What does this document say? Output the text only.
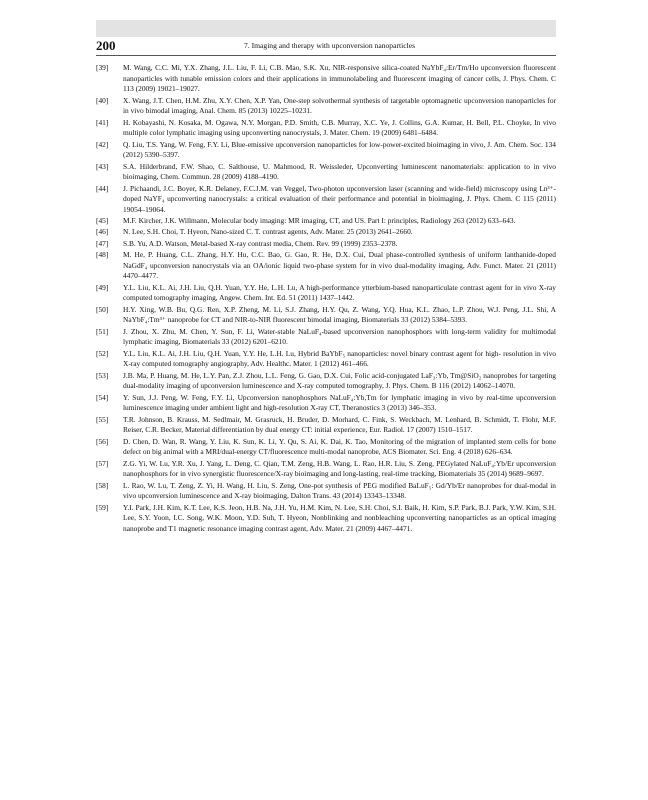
200	7. Imaging and therapy with upconversion nanoparticles
[39] M. Wang, C.C. Mi, Y.X. Zhang, J.L. Liu, F. Li, C.B. Mao, S.K. Xu, NIR-responsive silica-coated NaYbF₄:Er/Tm/Ho upconversion fluorescent nanoparticles with tunable emission colors and their applications in immunolabeling and fluorescent imaging of cancer cells, J. Phys. Chem. C 113 (2009) 19021–19027.
[40] X. Wang, J.T. Chen, H.M. Zhu, X.Y. Chen, X.P. Yan, One-step solvothermal synthesis of targetable optomagnetic upconversion nanoparticles for in vivo bimodal imaging, Anal. Chem. 85 (2013) 10225–10231.
[41] H. Kobayashi, N. Kosaka, M. Ogawa, N.Y. Morgan, P.D. Smith, C.B. Murray, X.C. Ye, J. Collins, G.A. Kumar, H. Bell, P.L. Choyke, In vivo multiple color lymphatic imaging using upconverting nanocrystals, J. Mater. Chem. 19 (2009) 6481–6484.
[42] Q. Liu, T.S. Yang, W. Feng, F.Y. Li, Blue-emissive upconversion nanoparticles for low-power-excited bioimaging in vivo, J. Am. Chem. Soc. 134 (2012) 5390–5397.
[43] S.A. Hilderbrand, F.W. Shao, C. Salthouse, U. Mahmood, R. Weissleder, Upconverting luminescent nanomaterials: application to in vivo bioimaging, Chem. Commun. 28 (2009) 4188–4190.
[44] J. Pichaandi, J.C. Boyer, K.R. Delaney, F.C.J.M. van Veggel, Two-photon upconversion laser (scanning and wide-field) microscopy using Ln³⁺-doped NaYF₄ upconverting nanocrystals: a critical evaluation of their performance and potential in bioimaging, J. Phys. Chem. C 115 (2011) 19054–19064.
[45] M.F. Kircher, J.K. Willmann, Molecular body imaging: MR imaging, CT, and US. Part I: principles, Radiology 263 (2012) 633–643.
[46] N. Lee, S.H. Choi, T. Hyeon, Nano-sized C. T. contrast agents, Adv. Mater. 25 (2013) 2641–2660.
[47] S.B. Yu, A.D. Watson, Metal-based X-ray contrast media, Chem. Rev. 99 (1999) 2353–2378.
[48] M. He, P. Huang, C.L. Zhang, H.Y. Hu, C.C. Bao, G. Gao, R. He, D.X. Cui, Dual phase-controlled synthesis of uniform lanthanide-doped NaGdF₄ upconversion nanocrystals via an OA/ionic liquid two-phase system for in vivo dual-modality imaging, Adv. Funct. Mater. 21 (2011) 4470–4477.
[49] Y.L. Liu, K.L. Ai, J.H. Liu, Q.H. Yuan, Y.Y. He, L.H. Lu, A high-performance ytterbium-based nanoparticulate contrast agent for in vivo X-ray computed tomography imaging, Angew. Chem. Int. Ed. 51 (2011) 1437–1442.
[50] H.Y. Xing, W.B. Bu, Q.G. Ren, X.P. Zheng, M. Li, S.J. Zhang, H.Y. Qu, Z. Wang, Y.Q. Hua, K.L. Zhao, L.P. Zhou, W.J. Peng, J.L. Shi, A NaYbF₄:Tm³⁺ nanoprobe for CT and NIR-to-NIR fluorescent bimodal imaging, Biomaterials 33 (2012) 5384–5393.
[51] J. Zhou, X. Zhu, M. Chen, Y. Sun, F. Li, Water-stable NaLuF₄-based upconversion nanophosphors with long-term validity for multimodal lymphatic imaging, Biomaterials 33 (2012) 6201–6210.
[52] Y.L. Liu, K.L. Ai, J.H. Liu, Q.H. Yuan, Y.Y. He, L.H. Lu, Hybrid BaYbF₅ nanoparticles: novel binary contrast agent for high- resolution in vivo X-ray computed tomography angiography, Adv. Healthc. Mater. 1 (2012) 461–466.
[53] J.B. Ma, P. Huang, M. He, L.Y. Pan, Z.J. Zhou, L.L. Feng, G. Gao, D.X. Cui, Folic acid-conjugated LaF₃:Yb, Tm@SiO₂ nanoprobes for targeting dual-modality imaging of upconversion luminescence and X-ray computed tomography, J. Phys. Chem. B 116 (2012) 14062–14070.
[54] Y. Sun, J.J. Peng, W. Feng, F.Y. Li, Upconversion nanophosphors NaLuF₄:Yb,Tm for lymphatic imaging in vivo by real-time upconversion luminescence imaging under ambient light and high-resolution X-ray CT, Theranostics 3 (2013) 346–353.
[55] T.R. Johnson, B. Krauss, M. Sedlmair, M. Grasruck, H. Bruder, D. Morhard, C. Fink, S. Weckbach, M. Lenhard, B. Schmidt, T. Flohr, M.F. Reiser, C.R. Becker, Material differentiation by dual energy CT: initial experience, Eur. Radiol. 17 (2007) 1510–1517.
[56] D. Chen, D. Wan, R. Wang, Y. Liu, K. Sun, K. Li, Y. Qu, S. Ai, K. Dai, K. Tao, Monitoring of the migration of implanted stem cells for bone defect on big animal with a MRI/dual-energy CT/fluorescence multi-modal nanoprobe, ACS Biomater. Sci. Eng. 4 (2018) 626–634.
[57] Z.G. Yi, W. Lu, Y.R. Xu, J. Yang, L. Deng, C. Qian, T.M. Zeng, H.B. Wang, L. Rao, H.R. Liu, S. Zeng, PEGylated NaLuF₄:Yb/Er upconversion nanophosphors for in vivo synergistic fluorescence/X-ray bioimaging and long-lasting, real-time tracking, Biomaterials 35 (2014) 9689–9697.
[58] L. Rao, W. Lu, T. Zeng, Z. Yi, H. Wang, H. Liu, S. Zeng, One-pot synthesis of PEG modified BaLuF₅: Gd/Yb/Er nanoprobes for dual-modal in vivo upconversion luminescence and X-ray bioimaging, Dalton Trans. 43 (2014) 13343–13348.
[59] Y.I. Park, J.H. Kim, K.T. Lee, K.S. Jeon, H.B. Na, J.H. Yu, H.M. Kim, N. Lee, S.H. Choi, S.I. Baik, H. Kim, S.P. Park, B.J. Park, Y.W. Kim, S.H. Lee, S.Y. Yoon, I.C. Song, W.K. Moon, Y.D. Suh, T. Hyeon, Nonblinking and nonbleaching upconverting nanoparticles as an optical imaging nanoprobe and T1 magnetic resonance imaging contrast agent, Adv. Mater. 21 (2009) 4467–4471.
